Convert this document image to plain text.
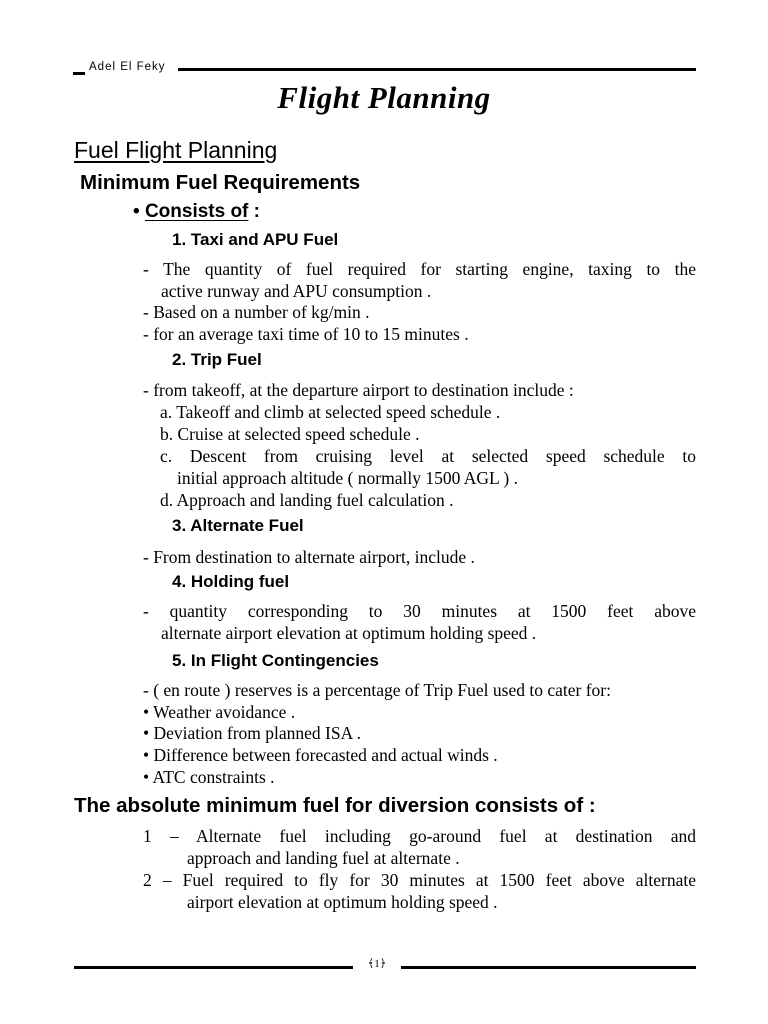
Adel El Feky
Flight Planning
Fuel Flight Planning
Minimum Fuel Requirements
• Consists of :
1. Taxi and APU Fuel
- The quantity of fuel required for starting engine, taxing to the
active runway and APU consumption .
- Based on a number of kg/min .
- for an average taxi time of 10 to 15 minutes .
2. Trip Fuel
- from takeoff, at the departure airport to destination include :
a. Takeoff and climb at selected speed schedule .
b. Cruise at selected speed schedule .
c. Descent from cruising level at selected speed schedule to
initial approach altitude ( normally 1500 AGL ) .
d. Approach and landing fuel calculation .
3. Alternate Fuel
- From destination to alternate airport, include .
4. Holding fuel
- quantity corresponding to 30 minutes at 1500 feet above
alternate airport elevation at optimum holding speed .
5. In Flight Contingencies
- ( en route ) reserves is a percentage of Trip Fuel used to cater for:
• Weather avoidance .
• Deviation from planned ISA .
• Difference between forecasted and actual winds .
• ATC constraints .
The absolute minimum fuel for diversion consists of :
1 – Alternate fuel including go-around fuel at destination and
approach and landing fuel at alternate .
2 – Fuel required to fly for 30 minutes at 1500 feet above alternate
airport elevation at optimum holding speed .
﴾1﴿
